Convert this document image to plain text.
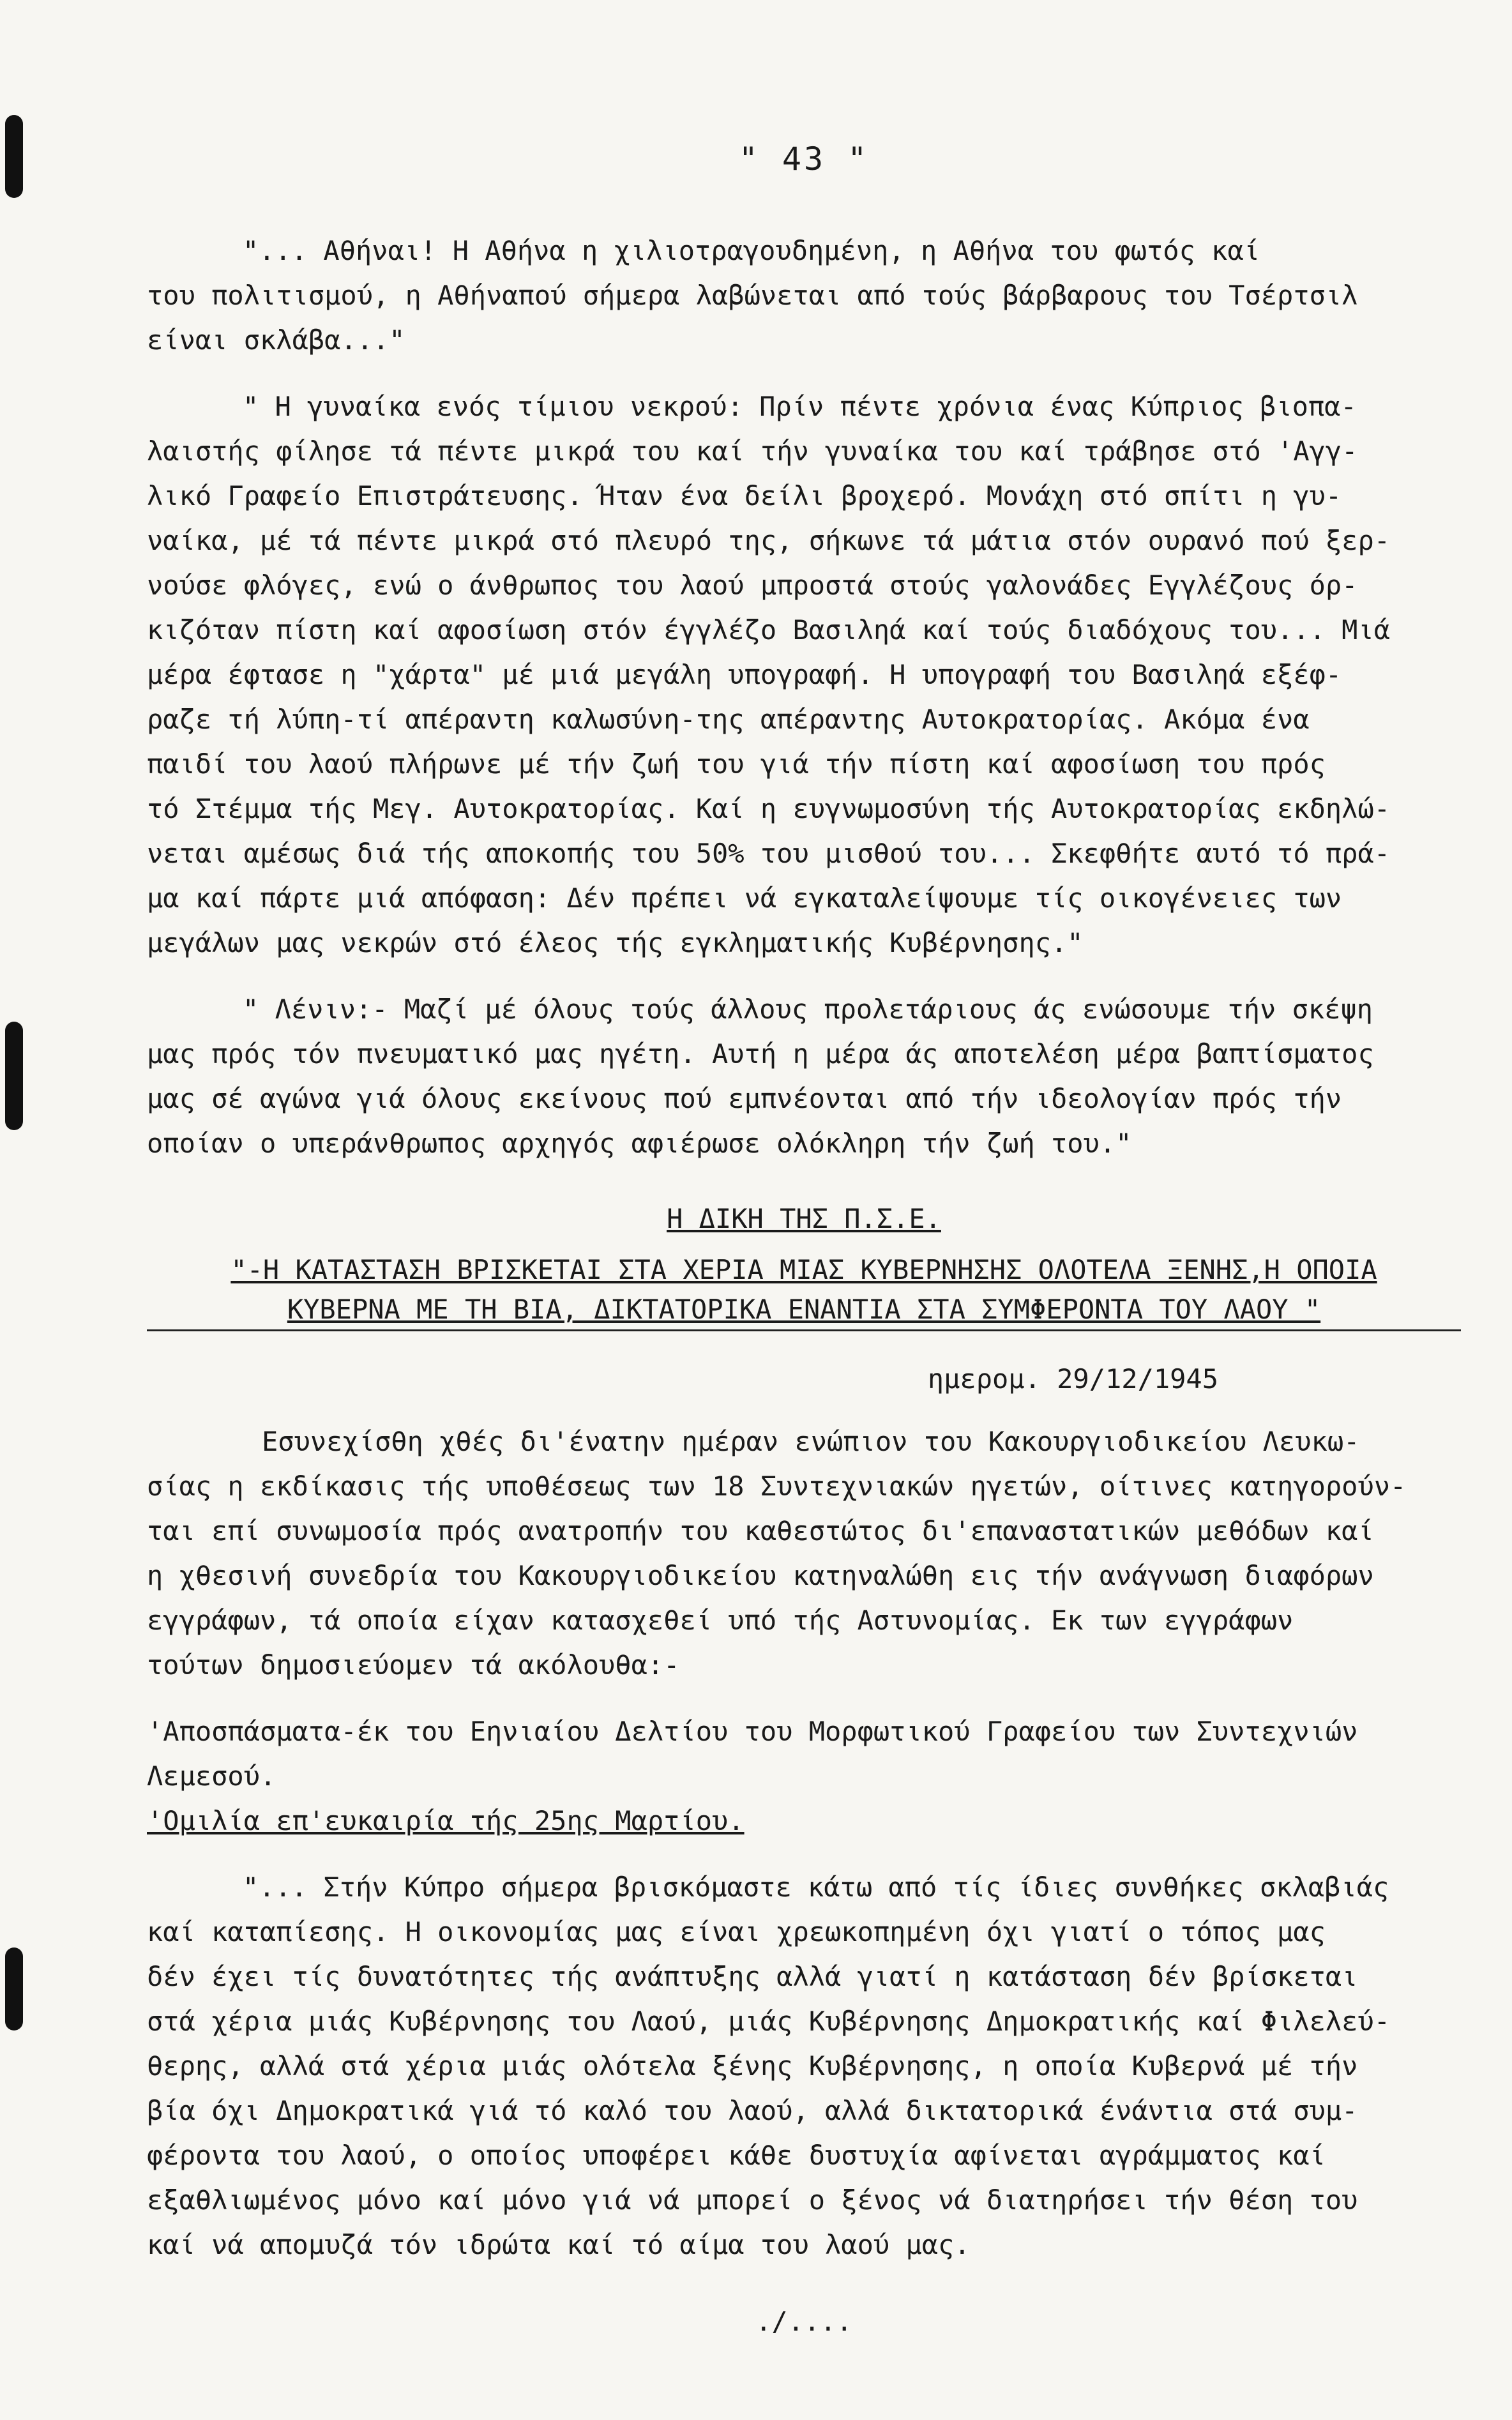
" 43 "
"... Αθήναι! Η Αθήνα η χιλιοτραγουδημένη, η Αθήνα του φωτός καί
του πολιτισμού, η Αθήναπού σήμερα λαβώνεται από τούς βάρβαρους του Τσέρτσιλ
είναι σκλάβα..."
" Η γυναίκα ενός τίμιου νεκρού: Πρίν πέντε χρόνια ένας Κύπριος βιοπα-
λαιστής φίλησε τά πέντε μικρά του καί τήν γυναίκα του καί τράβησε στό 'Αγγ-
λικό Γραφείο Επιστράτευσης. Ήταν ένα δείλι βροχερό. Μονάχη στό σπίτι η γυ-
ναίκα, μέ τά πέντε μικρά στό πλευρό της, σήκωνε τά μάτια στόν ουρανό πού ξερ-
νούσε φλόγες, ενώ ο άνθρωπος του λαού μπροστά στούς γαλονάδες Εγγλέζους όρ-
κιζόταν πίστη καί αφοσίωση στόν έγγλέζο Βασιληά καί τούς διαδόχους του... Μιά
μέρα έφτασε η "χάρτα" μέ μιά μεγάλη υπογραφή. Η υπογραφή του Βασιληά εξέφ-
ραζε τή λύπη-τί απέραντη καλωσύνη-της απέραντης Αυτοκρατορίας. Ακόμα ένα
παιδί του λαού πλήρωνε μέ τήν ζωή του γιά τήν πίστη καί αφοσίωση του πρός
τό Στέμμα τής Μεγ. Αυτοκρατορίας. Καί η ευγνωμοσύνη τής Αυτοκρατορίας εκδηλώ-
νεται αμέσως διά τής αποκοπής του 50% του μισθού του... Σκεφθήτε αυτό τό πρά-
μα καί πάρτε μιά απόφαση: Δέν πρέπει νά εγκαταλείψουμε τίς οικογένειες των
μεγάλων μας νεκρών στό έλεος τής εγκληματικής Κυβέρνησης."
" Λένιν:- Μαζί μέ όλους τούς άλλους προλετάριους άς ενώσουμε τήν σκέψη
μας πρός τόν πνευματικό μας ηγέτη. Αυτή η μέρα άς αποτελέση μέρα βαπτίσματος
μας σέ αγώνα γιά όλους εκείνους πού εμπνέονται από τήν ιδεολογίαν πρός τήν
οποίαν ο υπεράνθρωπος αρχηγός αφιέρωσε ολόκληρη τήν ζωή του."
Η ΔΙΚΗ ΤΗΣ Π.Σ.Ε.
"-Η ΚΑΤΑΣΤΑΣΗ ΒΡΙΣΚΕΤΑΙ ΣΤΑ ΧΕΡΙΑ ΜΙΑΣ ΚΥΒΕΡΝΗΣΗΣ ΟΛΟΤΕΛΑ ΞΕΝΗΣ,Η ΟΠΟΙΑ
ΚΥΒΕΡΝΑ ΜΕ ΤΗ ΒΙΑ, ΔΙΚΤΑΤΟΡΙΚΑ ΕΝΑΝΤΙΑ ΣΤΑ ΣΥΜΦΕΡΟΝΤΑ ΤΟΥ ΛΑΟΥ "
ημερομ. 29/12/1945
Εσυνεχίσθη χθές δι'ένατην ημέραν ενώπιον του Κακουργιοδικείου Λευκω-
σίας η εκδίκασις τής υποθέσεως των 18 Συντεχνιακών ηγετών, οίτινες κατηγορούν-
ται επί συνωμοσία πρός ανατροπήν του καθεστώτος δι'επαναστατικών μεθόδων καί
η χθεσινή συνεδρία του Κακουργιοδικείου κατηναλώθη εις τήν ανάγνωση διαφόρων
εγγράφων, τά οποία είχαν κατασχεθεί υπό τής Αστυνομίας. Εκ των εγγράφων
τούτων δημοσιεύομεν τά ακόλουθα:-
'Αποσπάσματα-έκ του Εηνιαίου Δελτίου του Μορφωτικού Γραφείου των Συντεχνιών
Λεμεσού.
'Ομιλία επ'ευκαιρία τής 25ης Μαρτίου.
"... Στήν Κύπρο σήμερα βρισκόμαστε κάτω από τίς ίδιες συνθήκες σκλαβιάς
καί καταπίεσης. Η οικονομίας μας είναι χρεωκοπημένη όχι γιατί ο τόπος μας
δέν έχει τίς δυνατότητες τής ανάπτυξης αλλά γιατί η κατάσταση δέν βρίσκεται
στά χέρια μιάς Κυβέρνησης του Λαού, μιάς Κυβέρνησης Δημοκρατικής καί Φιλελεύ-
θερης, αλλά στά χέρια μιάς ολότελα ξένης Κυβέρνησης, η οποία Κυβερνά μέ τήν
βία όχι Δημοκρατικά γιά τό καλό του λαού, αλλά δικτατορικά ένάντια στά συμ-
φέροντα του λαού, ο οποίος υποφέρει κάθε δυστυχία αφίνεται αγράμματος καί
εξαθλιωμένος μόνο καί μόνο γιά νά μπορεί ο ξένος νά διατηρήσει τήν θέση του
καί νά απομυζά τόν ιδρώτα καί τό αίμα του λαού μας.
./....
